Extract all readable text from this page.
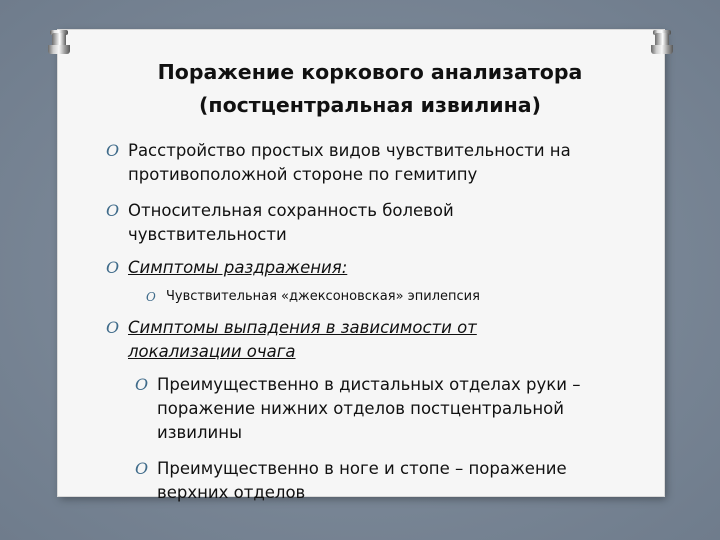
Поражение коркового анализатора
(постцентральная извилина)
O Расстройство простых видов чувствительности на
противоположной стороне по гемитипу
O Относительная сохранность болевой
чувствительности
O Симптомы раздражения:
O Чувствительная «джексоновская» эпилепсия
O Симптомы выпадения в зависимости от
локализации очага
O Преимущественно в дистальных отделах руки –
поражение нижних отделов постцентральной
извилины
O Преимущественно в ноге и стопе – поражение
верхних отделов
